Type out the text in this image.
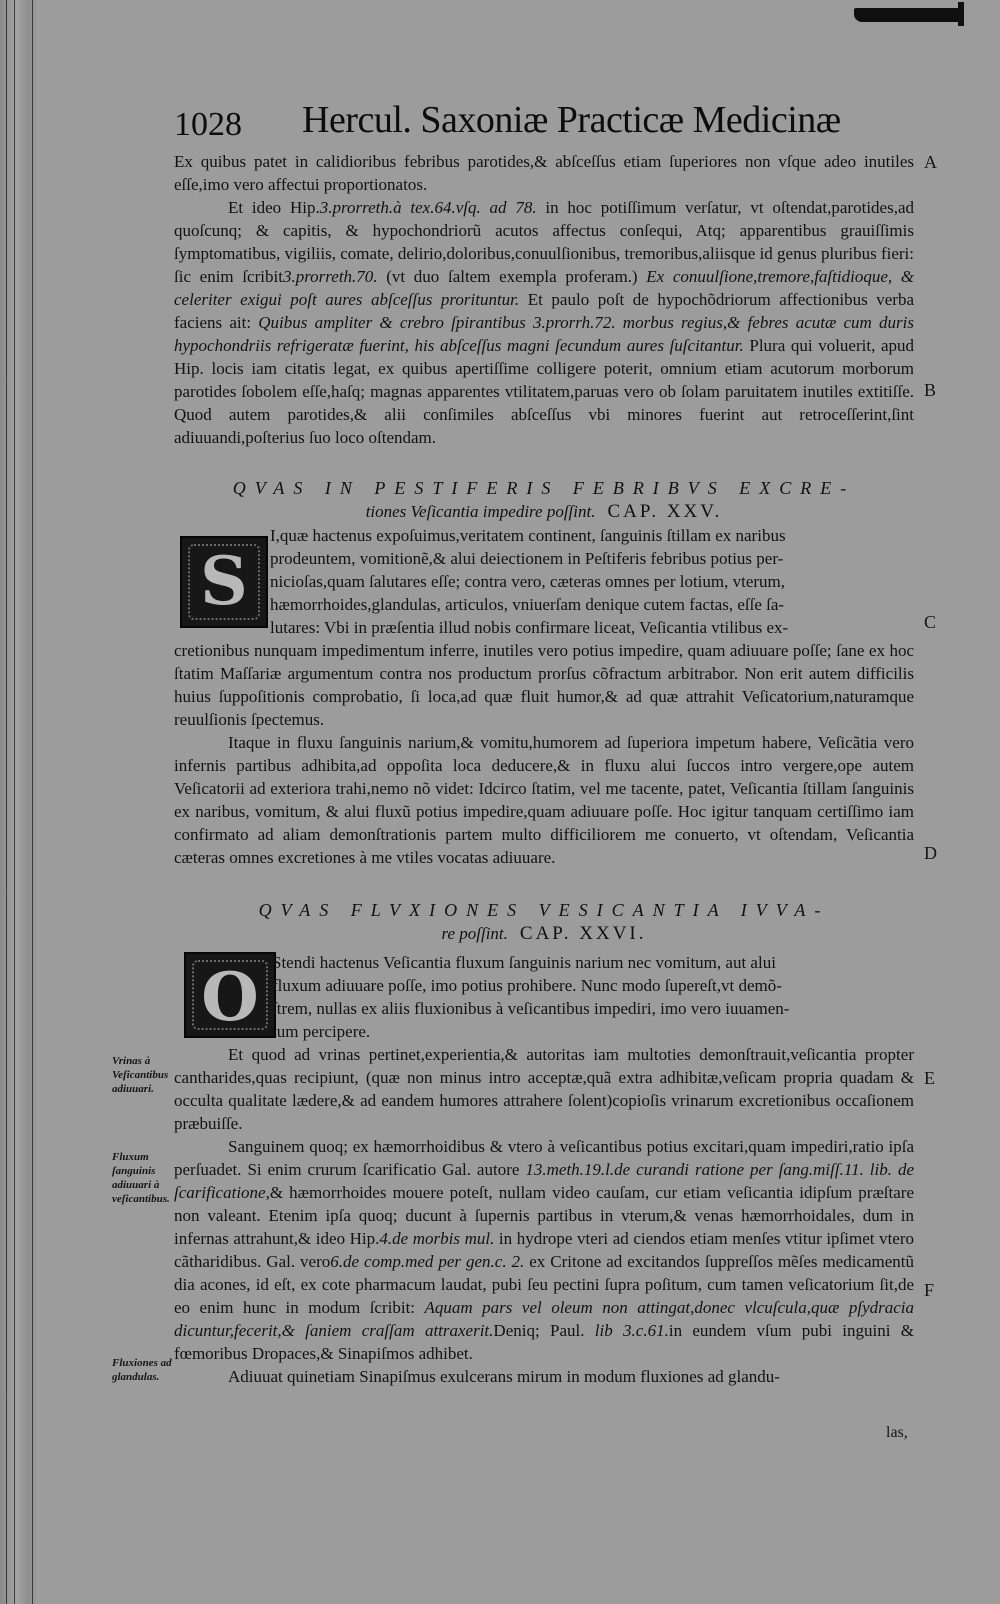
1028 Hercul. Saxoniæ Practicæ Medicinæ
A
B
C
D
E
F
Ex quibus patet in calidioribus febribus parotides,& abſceſſus etiam ſuperiores non vſque adeo inutiles eſſe,imo vero affectui proportionatos.
Et ideo Hip.3.prorreth.à tex.64.vſq. ad 78. in hoc potiſſimum verſatur, vt oſtendat,parotides,ad quoſcunq; & capitis, & hypochondriorũ acutos affectus conſequi, Atq; apparentibus grauiſſimis ſymptomatibus, vigiliis, comate, delirio,doloribus,conuulſionibus, tremoribus,aliisque id genus pluribus fieri: ſic enim ſcribit3.prorreth.70. (vt duo ſaltem exempla proferam.) Ex conuulſione,tremore,faſtidioque, & celeriter exigui poſt aures abſceſſus prorituntur. Et paulo poſt de hypochõdriorum affectionibus verba faciens ait: Quibus ampliter & crebro ſpirantibus 3.prorrh.72. morbus regius,& febres acutæ cum duris hypochondriis refrigeratæ fuerint, his abſceſſus magni ſecundum aures ſuſcitantur. Plura qui voluerit, apud Hip. locis iam citatis legat, ex quibus apertiſſime colligere poterit, omnium etiam acutorum morborum parotides ſobolem eſſe,haſq; magnas apparentes vtilitatem,paruas vero ob ſolam paruitatem inutiles extitiſſe. Quod autem parotides,& alii conſimiles abſceſſus vbi minores fuerint aut retroceſſerint,ſint adiuuandi,poſterius ſuo loco oſtendam.
QVAS IN PESTIFERIS FEBRIBVS EXCRE-
tiones Veſicantia impedire poſſint. CAP. XXV.
S
I,quæ hactenus expoſuimus,veritatem continent, ſanguinis ſtillam ex naribus
prodeuntem, vomitionẽ,& alui deiectionem in Peſtiferis febribus potius per-
nicioſas,quam ſalutares eſſe; contra vero, cæteras omnes per lotium, vterum,
hæmorrhoides,glandulas, articulos, vniuerſam denique cutem factas, eſſe ſa-
lutares: Vbi in præſentia illud nobis confirmare liceat, Veſicantia vtilibus ex-
cretionibus nunquam impedimentum inferre, inutiles vero potius impedire, quam adiuuare poſſe; ſane ex hoc ſtatim Maſſariæ argumentum contra nos productum prorſus cõfractum arbitrabor. Non erit autem difficilis huius ſuppoſitionis comprobatio, ſi loca,ad quæ fluit humor,& ad quæ attrahit Veſicatorium,naturamque reuulſionis ſpectemus.
Itaque in fluxu ſanguinis narium,& vomitu,humorem ad ſuperiora impetum habere, Veſicãtia vero infernis partibus adhibita,ad oppoſita loca deducere,& in fluxu alui ſuccos intro vergere,ope autem Veſicatorii ad exteriora trahi,nemo nõ videt: Idcirco ſtatim, vel me tacente, patet, Veſicantia ſtillam ſanguinis ex naribus, vomitum, & alui fluxũ potius impedire,quam adiuuare poſſe. Hoc igitur tanquam certiſſimo iam confirmato ad aliam demonſtrationis partem multo difficiliorem me conuerto, vt oſtendam, Veſicantia cæteras omnes excretiones à me vtiles vocatas adiuuare.
QVAS FLVXIONES VESICANTIA IVVA-
re poſſint. CAP. XXVI.
O Stendi hactenus Veſicantia fluxum ſanguinis narium nec vomitum, aut alui
fluxum adiuuare poſſe, imo potius prohibere. Nunc modo ſupereſt,vt demõ-
ſtrem, nullas ex aliis fluxionibus à veſicantibus impediri, imo vero iuuamen-
tum percipere.
Et quod ad vrinas pertinet,experientia,& autoritas iam multoties demonſtrauit,veſicantia propter cantharides,quas recipiunt, (quæ non minus intro acceptæ,quã extra adhibitæ,veſicam propria quadam & occulta qualitate lædere,& ad eandem humores attrahere ſolent)copioſis vrinarum excretionibus occaſionem præbuiſſe.
Sanguinem quoq; ex hæmorrhoidibus & vtero à veſicantibus potius excitari,quam impediri,ratio ipſa perſuadet. Si enim crurum ſcarificatio Gal. autore 13.meth.19.l.de curandi ratione per ſang.miſſ.11. lib. de ſcarificatione,& hæmorrhoides mouere poteſt, nullam video cauſam, cur etiam veſicantia idipſum præſtare non valeant. Etenim ipſa quoq; ducunt à ſupernis partibus in vterum,& venas hæmorrhoidales, dum in infernas attrahunt,& ideo Hip.4.de morbis mul. in hydrope vteri ad ciendos etiam menſes vtitur ipſimet vtero cãtharidibus. Gal. vero6.de comp.med per gen.c. 2. ex Critone ad excitandos ſuppreſſos mẽſes medicamentũ dia acones, id eſt, ex cote pharmacum laudat, pubi ſeu pectini ſupra poſitum, cum tamen veſicatorium ſit,de eo enim hunc in modum ſcribit: Aquam pars vel oleum non attingat,donec vlcuſcula,quæ pſydracia dicuntur,fecerit,& ſaniem craſſam attraxerit.Deniq; Paul. lib 3.c.61.in eundem vſum pubi inguini & fœmoribus Dropaces,& Sinapiſmos adhibet.
Adiuuat quinetiam Sinapiſmus exulcerans mirum in modum fluxiones ad glandu-
Vrinas à Veſicantibus adiuuari.
Fluxum ſanguinis adiuuari à veſicantibus.
Fluxiones ad glandulas.
las,
